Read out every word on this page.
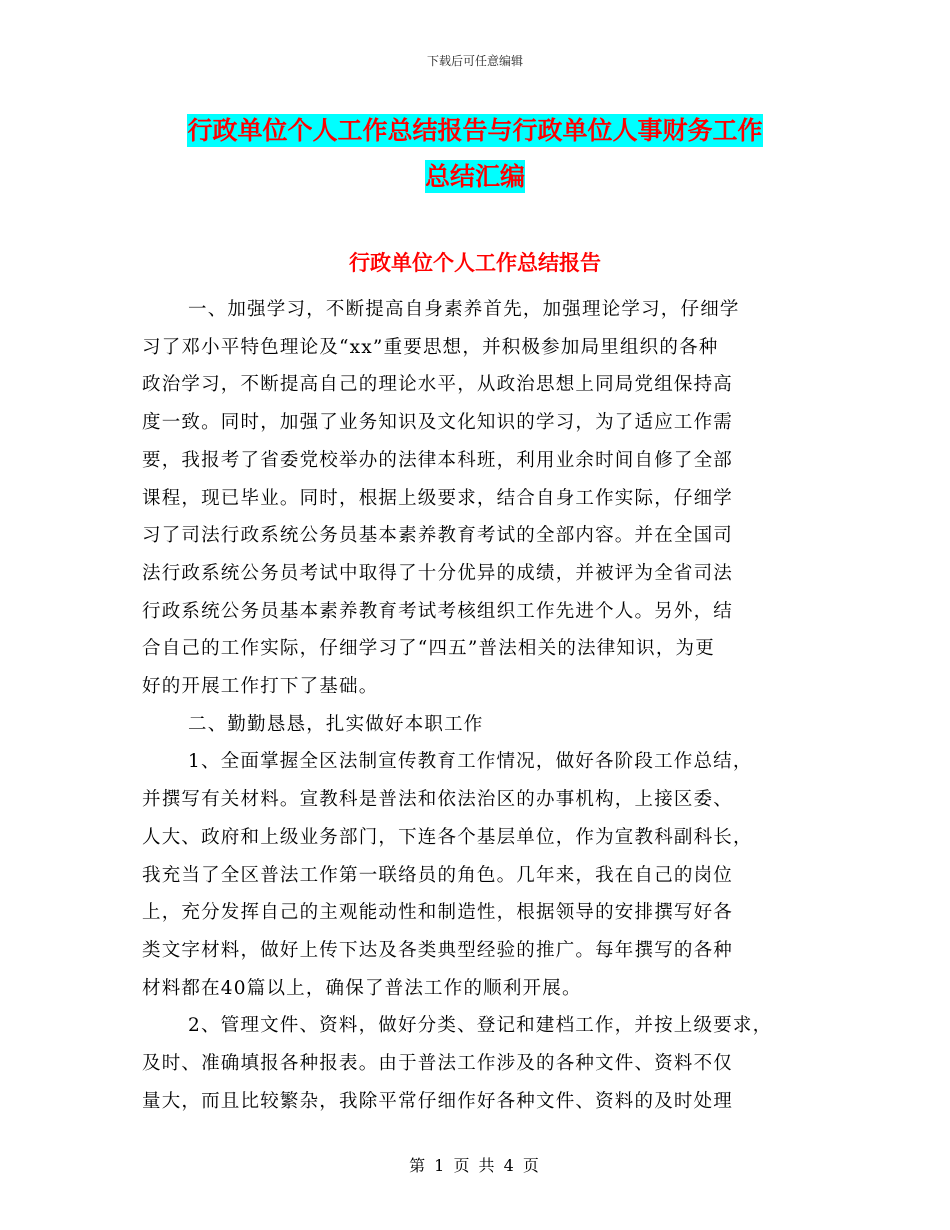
下载后可任意编辑
行政单位个人工作总结报告与行政单位人事财务工作
总结汇编
行政单位个人工作总结报告
一、加强学习，不断提高自身素养首先，加强理论学习，仔细学
习了邓小平特色理论及“xx”重要思想，并积极参加局里组织的各种
政治学习，不断提高自己的理论水平，从政治思想上同局党组保持高
度一致。同时，加强了业务知识及文化知识的学习，为了适应工作需
要，我报考了省委党校举办的法律本科班，利用业余时间自修了全部
课程，现已毕业。同时，根据上级要求，结合自身工作实际，仔细学
习了司法行政系统公务员基本素养教育考试的全部内容。并在全国司
法行政系统公务员考试中取得了十分优异的成绩，并被评为全省司法
行政系统公务员基本素养教育考试考核组织工作先进个人。另外，结
合自己的工作实际，仔细学习了“四五”普法相关的法律知识，为更
好的开展工作打下了基础。
二、勤勤恳恳，扎实做好本职工作
1、全面掌握全区法制宣传教育工作情况，做好各阶段工作总结，
并撰写有关材料。宣教科是普法和依法治区的办事机构，上接区委、
人大、政府和上级业务部门，下连各个基层单位，作为宣教科副科长，
我充当了全区普法工作第一联络员的角色。几年来，我在自己的岗位
上，充分发挥自己的主观能动性和制造性，根据领导的安排撰写好各
类文字材料，做好上传下达及各类典型经验的推广。每年撰写的各种
材料都在40篇以上，确保了普法工作的顺利开展。
2、管理文件、资料，做好分类、登记和建档工作，并按上级要求，
及时、准确填报各种报表。由于普法工作涉及的各种文件、资料不仅
量大，而且比较繁杂，我除平常仔细作好各种文件、资料的及时处理
第 1 页 共 4 页
